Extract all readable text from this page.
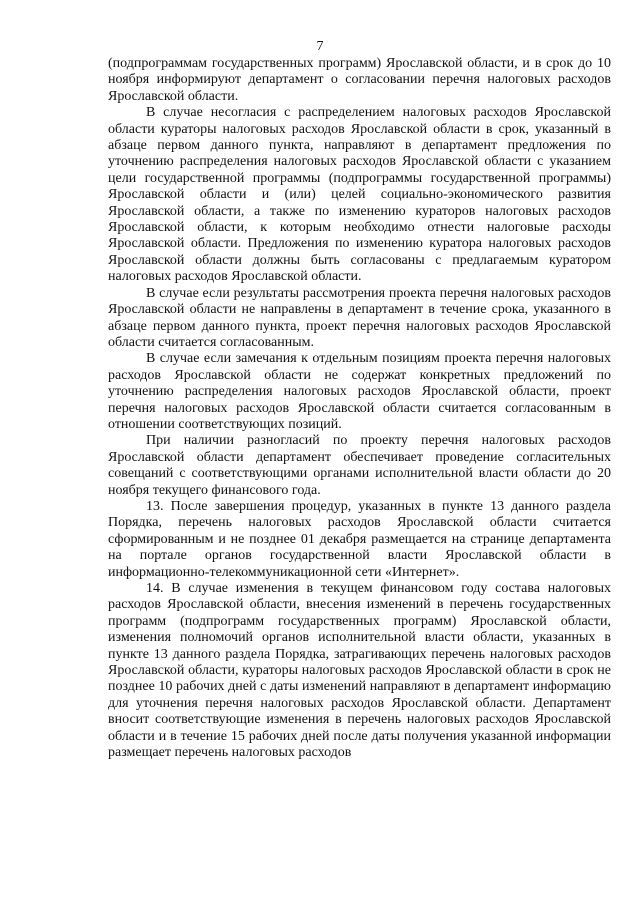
7

(подпрограммам государственных программ) Ярославской области, и в срок до 10 ноября информируют департамент о согласовании перечня налоговых расходов Ярославской области.

В случае несогласия с распределением налоговых расходов Ярославской области кураторы налоговых расходов Ярославской области в срок, указанный в абзаце первом данного пункта, направляют в департамент предложения по уточнению распределения налоговых расходов Ярославской области с указанием цели государственной программы (подпрограммы государственной программы) Ярославской области и (или) целей социально-экономического развития Ярославской области, а также по изменению кураторов налоговых расходов Ярославской области, к которым необходимо отнести налоговые расходы Ярославской области. Предложения по изменению куратора налоговых расходов Ярославской области должны быть согласованы с предлагаемым куратором налоговых расходов Ярославской области.

В случае если результаты рассмотрения проекта перечня налоговых расходов Ярославской области не направлены в департамент в течение срока, указанного в абзаце первом данного пункта, проект перечня налоговых расходов Ярославской области считается согласованным.

В случае если замечания к отдельным позициям проекта перечня налоговых расходов Ярославской области не содержат конкретных предложений по уточнению распределения налоговых расходов Ярославской области, проект перечня налоговых расходов Ярославской области считается согласованным в отношении соответствующих позиций.

При наличии разногласий по проекту перечня налоговых расходов Ярославской области департамент обеспечивает проведение согласительных совещаний с соответствующими органами исполнительной власти области до 20 ноября текущего финансового года.

13. После завершения процедур, указанных в пункте 13 данного раздела Порядка, перечень налоговых расходов Ярославской области считается сформированным и не позднее 01 декабря размещается на странице департамента на портале органов государственной власти Ярославской области в информационно-телекоммуникационной сети «Интернет».

14. В случае изменения в текущем финансовом году состава налоговых расходов Ярославской области, внесения изменений в перечень государственных программ (подпрограмм государственных программ) Ярославской области, изменения полномочий органов исполнительной власти области, указанных в пункте 13 данного раздела Порядка, затрагивающих перечень налоговых расходов Ярославской области, кураторы налоговых расходов Ярославской области в срок не позднее 10 рабочих дней с даты изменений направляют в департамент информацию для уточнения перечня налоговых расходов Ярославской области. Департамент вносит соответствующие изменения в перечень налоговых расходов Ярославской области и в течение 15 рабочих дней после даты получения указанной информации размещает перечень налоговых расходов
